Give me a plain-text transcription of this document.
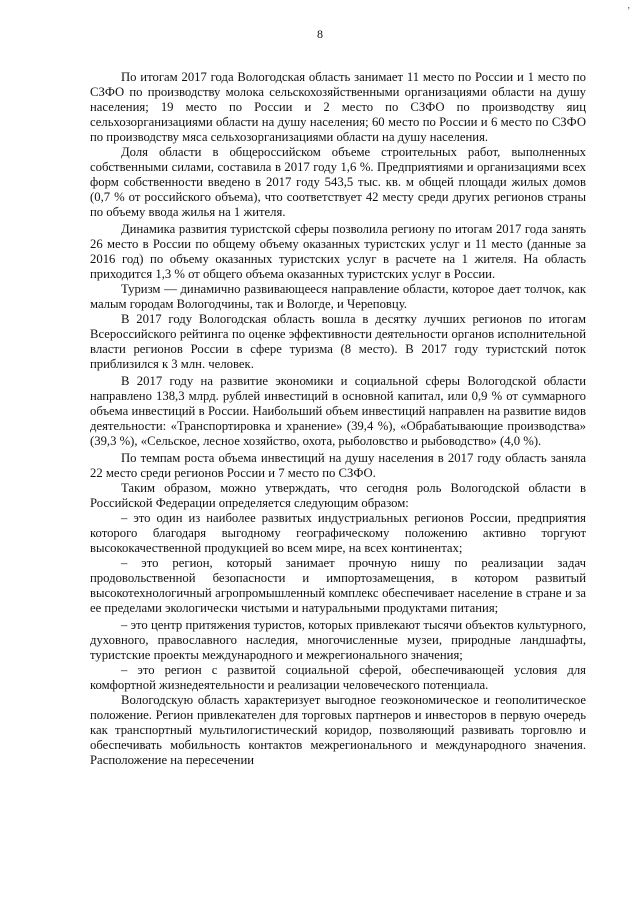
,
8

По итогам 2017 года Вологодская область занимает 11 место по России и 1 место по СЗФО по производству молока сельскохозяйственными организациями области на душу населения; 19 место по России и 2 место по СЗФО по производству яиц сельхозорганизациями области на душу населения; 60 место по России и 6 место по СЗФО по производству мяса сельхозорганизациями области на душу населения.

Доля области в общероссийском объеме строительных работ, выполненных собственными силами, составила в 2017 году 1,6 %. Предприятиями и организациями всех форм собственности введено в 2017 году 543,5 тыс. кв. м общей площади жилых домов (0,7 % от российского объема), что соответствует 42 месту среди других регионов страны по объему ввода жилья на 1 жителя.

Динамика развития туристской сферы позволила региону по итогам 2017 года занять 26 место в России по общему объему оказанных туристских услуг и 11 место (данные за 2016 год) по объему оказанных туристских услуг в расчете на 1 жителя. На область приходится 1,3 % от общего объема оказанных туристских услуг в России.

Туризм — динамично развивающееся направление области, которое дает толчок, как малым городам Вологодчины, так и Вологде, и Череповцу.

В 2017 году Вологодская область вошла в десятку лучших регионов по итогам Всероссийского рейтинга по оценке эффективности деятельности органов исполнительной власти регионов России в сфере туризма (8 место). В 2017 году туристский поток приблизился к 3 млн. человек.

В 2017 году на развитие экономики и социальной сферы Вологодской области направлено 138,3 млрд. рублей инвестиций в основной капитал, или 0,9 % от суммарного объема инвестиций в России. Наибольший объем инвестиций направлен на развитие видов деятельности: «Транспортировка и хранение» (39,4 %), «Обрабатывающие производства» (39,3 %), «Сельское, лесное хозяйство, охота, рыболовство и рыбоводство» (4,0 %).

По темпам роста объема инвестиций на душу населения в 2017 году область заняла 22 место среди регионов России и 7 место по СЗФО.

Таким образом, можно утверждать, что сегодня роль Вологодской области в Российской Федерации определяется следующим образом:

– это один из наиболее развитых индустриальных регионов России, предприятия которого благодаря выгодному географическому положению активно торгуют высококачественной продукцией во всем мире, на всех континентах;

– это регион, который занимает прочную нишу по реализации задач продовольственной безопасности и импортозамещения, в котором развитый высокотехнологичный агропромышленный комплекс обеспечивает население в стране и за ее пределами экологически чистыми и натуральными продуктами питания;

– это центр притяжения туристов, которых привлекают тысячи объектов культурного, духовного, православного наследия, многочисленные музеи, природные ландшафты, туристские проекты международного и межрегионального значения;

– это регион с развитой социальной сферой, обеспечивающей условия для комфортной жизнедеятельности и реализации человеческого потенциала.

Вологодскую область характеризует выгодное геоэкономическое и геополитическое положение. Регион привлекателен для торговых партнеров и инвесторов в первую очередь как транспортный мультилогистический коридор, позволяющий развивать торговлю и обеспечивать мобильность контактов межрегионального и международного значения. Расположение на пересечении
